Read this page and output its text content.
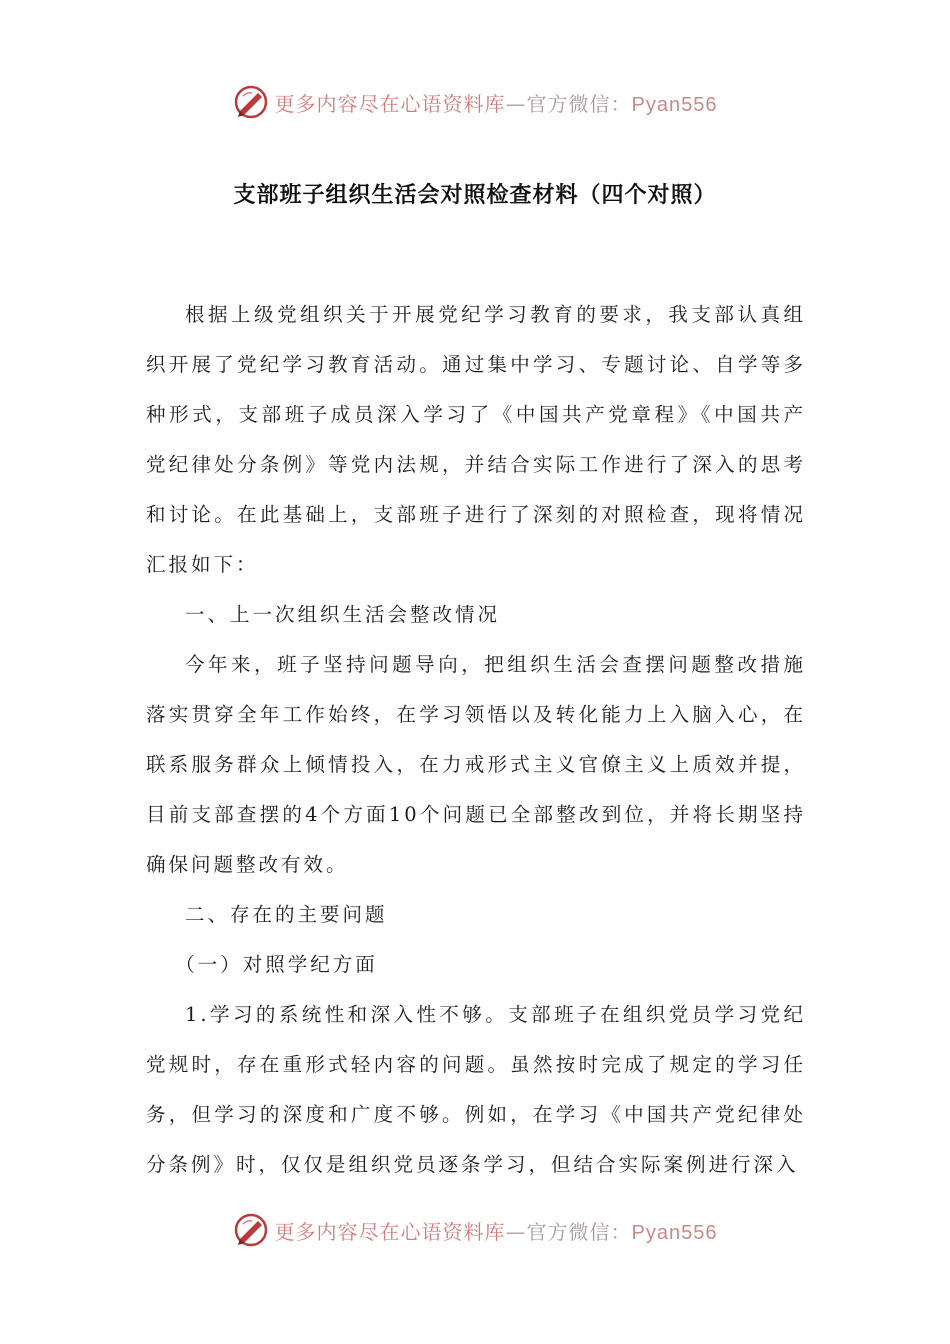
更多内容尽在心语资料库—官方微信：Pyan556
支部班子组织生活会对照检查材料（四个对照）

根据上级党组织关于开展党纪学习教育的要求，我支部认真组织开展了党纪学习教育活动。通过集中学习、专题讨论、自学等多种形式，支部班子成员深入学习了《中国共产党章程》《中国共产党纪律处分条例》等党内法规，并结合实际工作进行了深入的思考和讨论。在此基础上，支部班子进行了深刻的对照检查，现将情况汇报如下：

一、上一次组织生活会整改情况

今年来，班子坚持问题导向，把组织生活会查摆问题整改措施落实贯穿全年工作始终，在学习领悟以及转化能力上入脑入心，在联系服务群众上倾情投入，在力戒形式主义官僚主义上质效并提，目前支部查摆的4个方面10个问题已全部整改到位，并将长期坚持确保问题整改有效。

二、存在的主要问题

（一）对照学纪方面

1.学习的系统性和深入性不够。支部班子在组织党员学习党纪党规时，存在重形式轻内容的问题。虽然按时完成了规定的学习任务，但学习的深度和广度不够。例如，在学习《中国共产党纪律处分条例》时，仅仅是组织党员逐条学习，但结合实际案例进行深入

更多内容尽在心语资料库—官方微信：Pyan556
